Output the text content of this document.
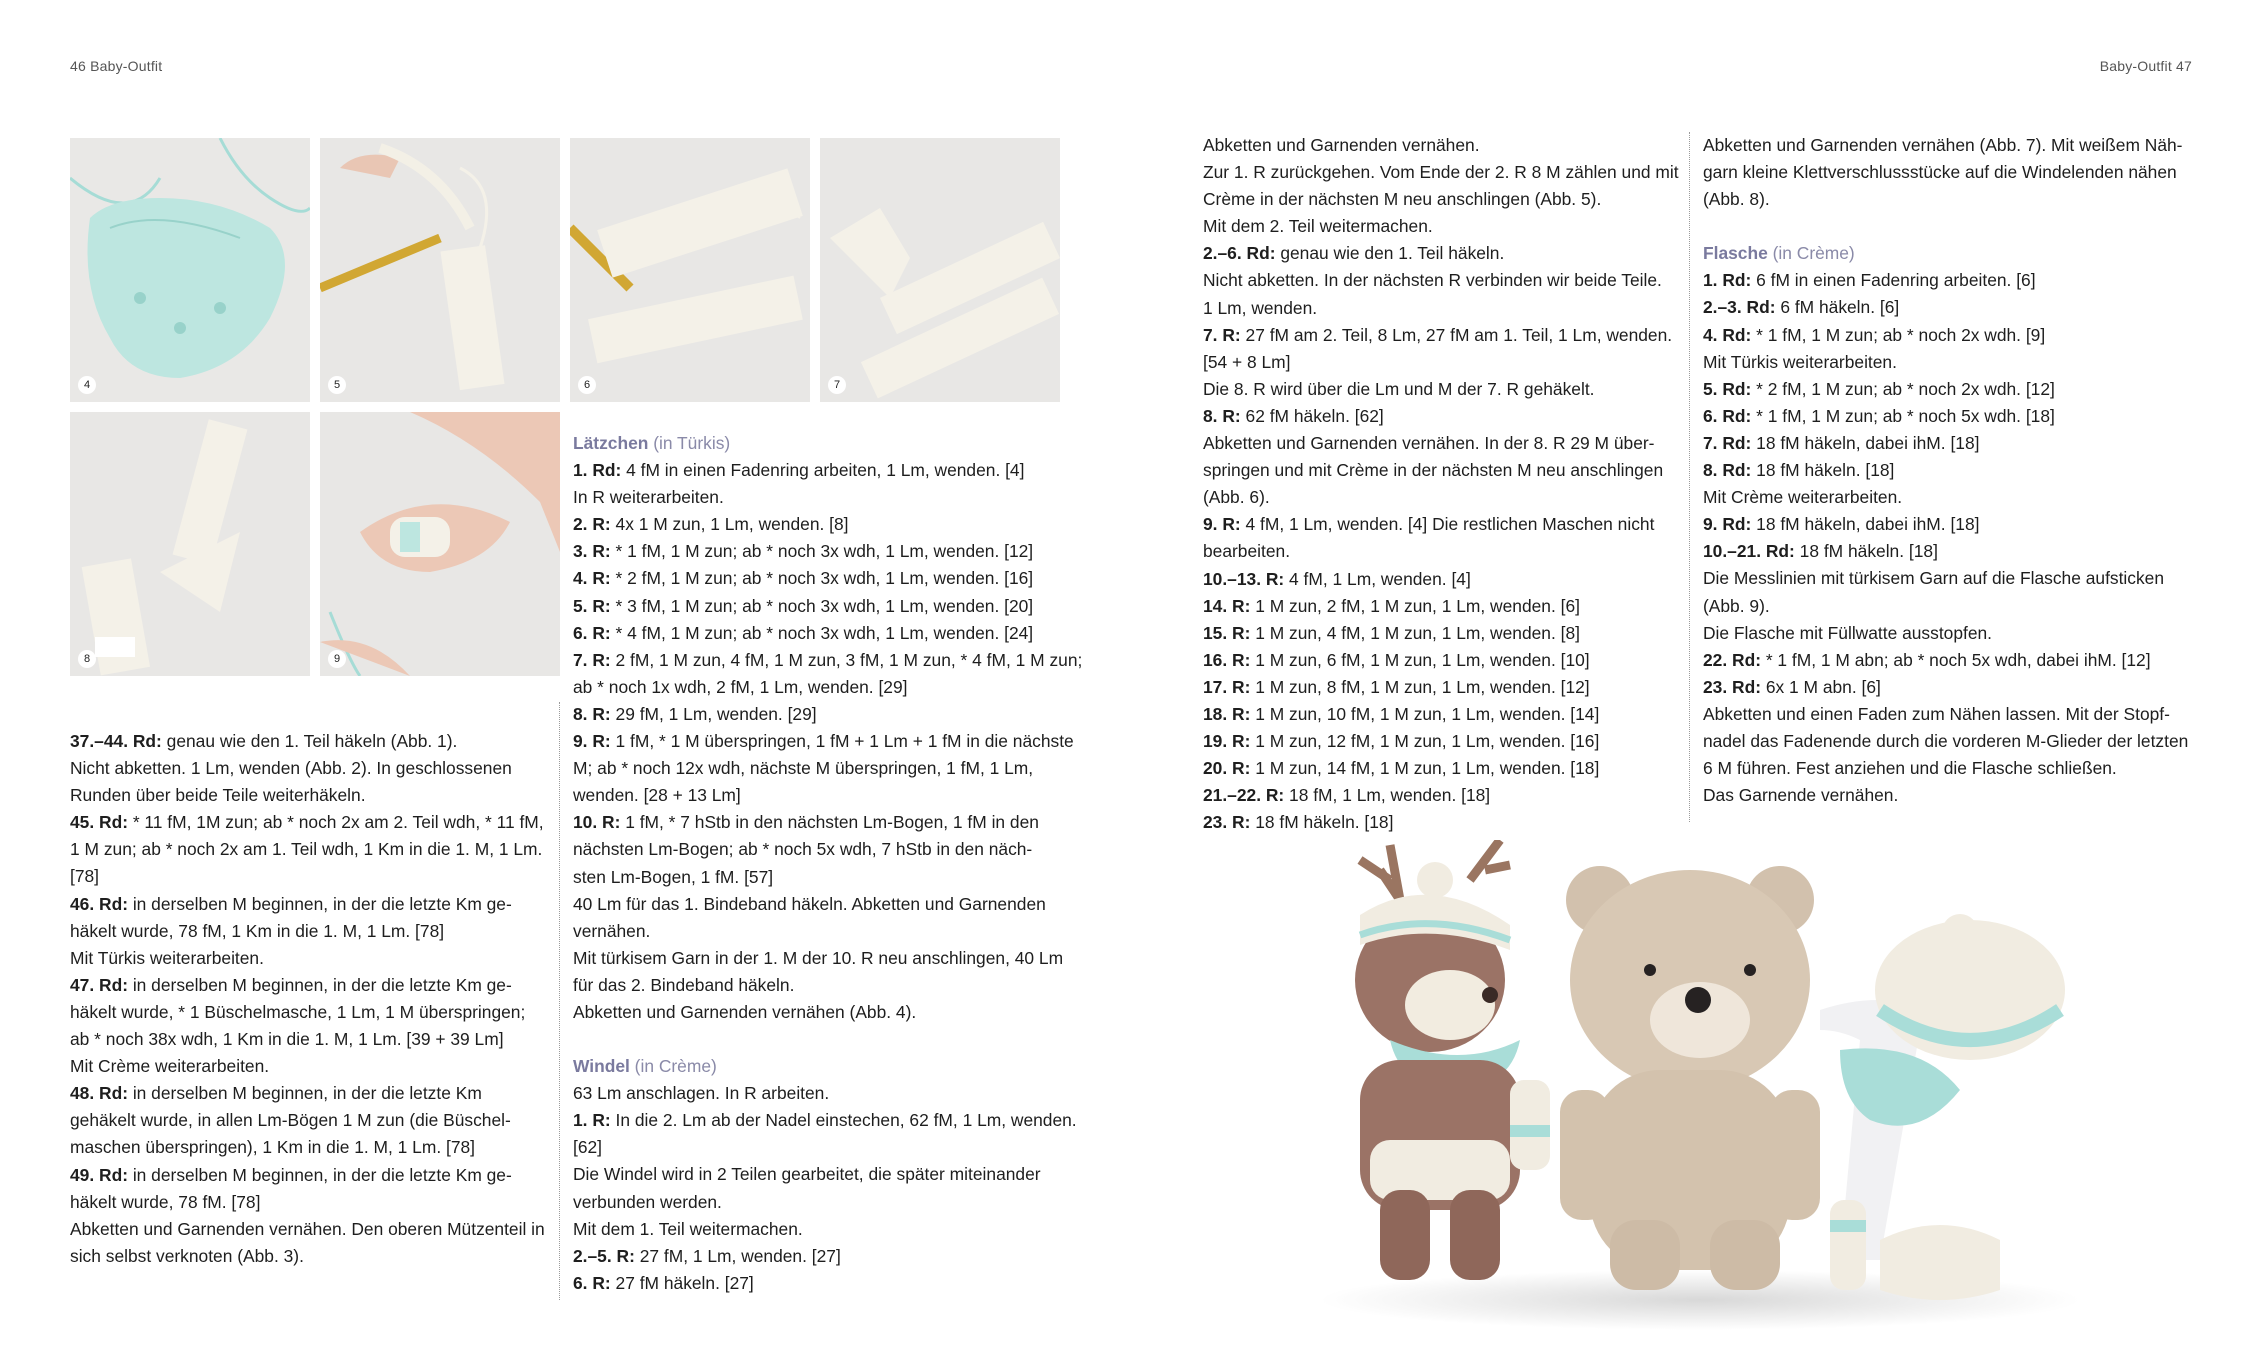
46 Baby-Outfit	Baby-Outfit 47
4	5	6	7
8	9

37.–44. Rd: genau wie den 1. Teil häkeln (Abb. 1).

Nicht abketten. 1 Lm, wenden (Abb. 2). In geschlossenen

Runden über beide Teile weiterhäkeln.

45. Rd: * 11 fM, 1M zun; ab * noch 2x am 2. Teil wdh, * 11 fM,

1 M zun; ab * noch 2x am 1. Teil wdh, 1 Km in die 1. M, 1 Lm.

[78]

46. Rd: in derselben M beginnen, in der die letzte Km ge-

häkelt wurde, 78 fM, 1 Km in die 1. M, 1 Lm. [78]

Mit Türkis weiterarbeiten.

47. Rd: in derselben M beginnen, in der die letzte Km ge-

häkelt wurde, * 1 Büschelmasche, 1 Lm, 1 M überspringen;

ab * noch 38x wdh, 1 Km in die 1. M, 1 Lm. [39 + 39 Lm]

Mit Crème weiterarbeiten.

48. Rd: in derselben M beginnen, in der die letzte Km

gehäkelt wurde, in allen Lm-Bögen 1 M zun (die Büschel-

maschen überspringen), 1 Km in die 1. M, 1 Lm. [78]

49. Rd: in derselben M beginnen, in der die letzte Km ge-

häkelt wurde, 78 fM. [78]

Abketten und Garnenden vernähen. Den oberen Mützenteil in

sich selbst verknoten (Abb. 3).

Lätzchen (in Türkis)

1. Rd: 4 fM in einen Fadenring arbeiten, 1 Lm, wenden. [4]

In R weiterarbeiten.

2. R: 4x 1 M zun, 1 Lm, wenden. [8]

3. R: * 1 fM, 1 M zun; ab * noch 3x wdh, 1 Lm, wenden. [12]

4. R: * 2 fM, 1 M zun; ab * noch 3x wdh, 1 Lm, wenden. [16]

5. R: * 3 fM, 1 M zun; ab * noch 3x wdh, 1 Lm, wenden. [20]

6. R: * 4 fM, 1 M zun; ab * noch 3x wdh, 1 Lm, wenden. [24]

7. R: 2 fM, 1 M zun, 4 fM, 1 M zun, 3 fM, 1 M zun, * 4 fM, 1 M zun;

ab * noch 1x wdh, 2 fM, 1 Lm, wenden. [29]

8. R: 29 fM, 1 Lm, wenden. [29]

9. R: 1 fM, * 1 M überspringen, 1 fM + 1 Lm + 1 fM in die nächste

M; ab * noch 12x wdh, nächste M überspringen, 1 fM, 1 Lm,

wenden. [28 + 13 Lm]

10. R: 1 fM, * 7 hStb in den nächsten Lm-Bogen, 1 fM in den

nächsten Lm-Bogen; ab * noch 5x wdh, 7 hStb in den näch-

sten Lm-Bogen, 1 fM. [57]

40 Lm für das 1. Bindeband häkeln. Abketten und Garnenden

vernähen.

Mit türkisem Garn in der 1. M der 10. R neu anschlingen, 40 Lm

für das 2. Bindeband häkeln.

Abketten und Garnenden vernähen (Abb. 4).

Windel (in Crème)

63 Lm anschlagen. In R arbeiten.

1. R: In die 2. Lm ab der Nadel einstechen, 62 fM, 1 Lm, wenden.

[62]

Die Windel wird in 2 Teilen gearbeitet, die später miteinander

verbunden werden.

Mit dem 1. Teil weitermachen.

2.–5. R: 27 fM, 1 Lm, wenden. [27]

6. R: 27 fM häkeln. [27]

Abketten und Garnenden vernähen.

Zur 1. R zurückgehen. Vom Ende der 2. R 8 M zählen und mit

Crème in der nächsten M neu anschlingen (Abb. 5).

Mit dem 2. Teil weitermachen.

2.–6. Rd: genau wie den 1. Teil häkeln.

Nicht abketten. In der nächsten R verbinden wir beide Teile.

1 Lm, wenden.

7. R: 27 fM am 2. Teil, 8 Lm, 27 fM am 1. Teil, 1 Lm, wenden.

[54 + 8 Lm]

Die 8. R wird über die Lm und M der 7. R gehäkelt.

8. R: 62 fM häkeln. [62]

Abketten und Garnenden vernähen. In der 8. R 29 M über-

springen und mit Crème in der nächsten M neu anschlingen

(Abb. 6).

9. R: 4 fM, 1 Lm, wenden. [4] Die restlichen Maschen nicht

bearbeiten.

10.–13. R: 4 fM, 1 Lm, wenden. [4]

14. R: 1 M zun, 2 fM, 1 M zun, 1 Lm, wenden. [6]

15. R: 1 M zun, 4 fM, 1 M zun, 1 Lm, wenden. [8]

16. R: 1 M zun, 6 fM, 1 M zun, 1 Lm, wenden. [10]

17. R: 1 M zun, 8 fM, 1 M zun, 1 Lm, wenden. [12]

18. R: 1 M zun, 10 fM, 1 M zun, 1 Lm, wenden. [14]

19. R: 1 M zun, 12 fM, 1 M zun, 1 Lm, wenden. [16]

20. R: 1 M zun, 14 fM, 1 M zun, 1 Lm, wenden. [18]

21.–22. R: 18 fM, 1 Lm, wenden. [18]

23. R: 18 fM häkeln. [18]

Abketten und Garnenden vernähen (Abb. 7). Mit weißem Näh-

garn kleine Klettverschlussstücke auf die Windelenden nähen

(Abb. 8).

Flasche (in Crème)

1. Rd: 6 fM in einen Fadenring arbeiten. [6]

2.–3. Rd: 6 fM häkeln. [6]

4. Rd: * 1 fM, 1 M zun; ab * noch 2x wdh. [9]

Mit Türkis weiterarbeiten.

5. Rd: * 2 fM, 1 M zun; ab * noch 2x wdh. [12]

6. Rd: * 1 fM, 1 M zun; ab * noch 5x wdh. [18]

7. Rd: 18 fM häkeln, dabei ihM. [18]

8. Rd: 18 fM häkeln. [18]

Mit Crème weiterarbeiten.

9. Rd: 18 fM häkeln, dabei ihM. [18]

10.–21. Rd: 18 fM häkeln. [18]

Die Messlinien mit türkisem Garn auf die Flasche aufsticken

(Abb. 9).

Die Flasche mit Füllwatte ausstopfen.

22. Rd: * 1 fM, 1 M abn; ab * noch 5x wdh, dabei ihM. [12]

23. Rd: 6x 1 M abn. [6]

Abketten und einen Faden zum Nähen lassen. Mit der Stopf-

nadel das Fadenende durch die vorderen M-Glieder der letzten

6 M führen. Fest anziehen und die Flasche schließen.

Das Garnende vernähen.
